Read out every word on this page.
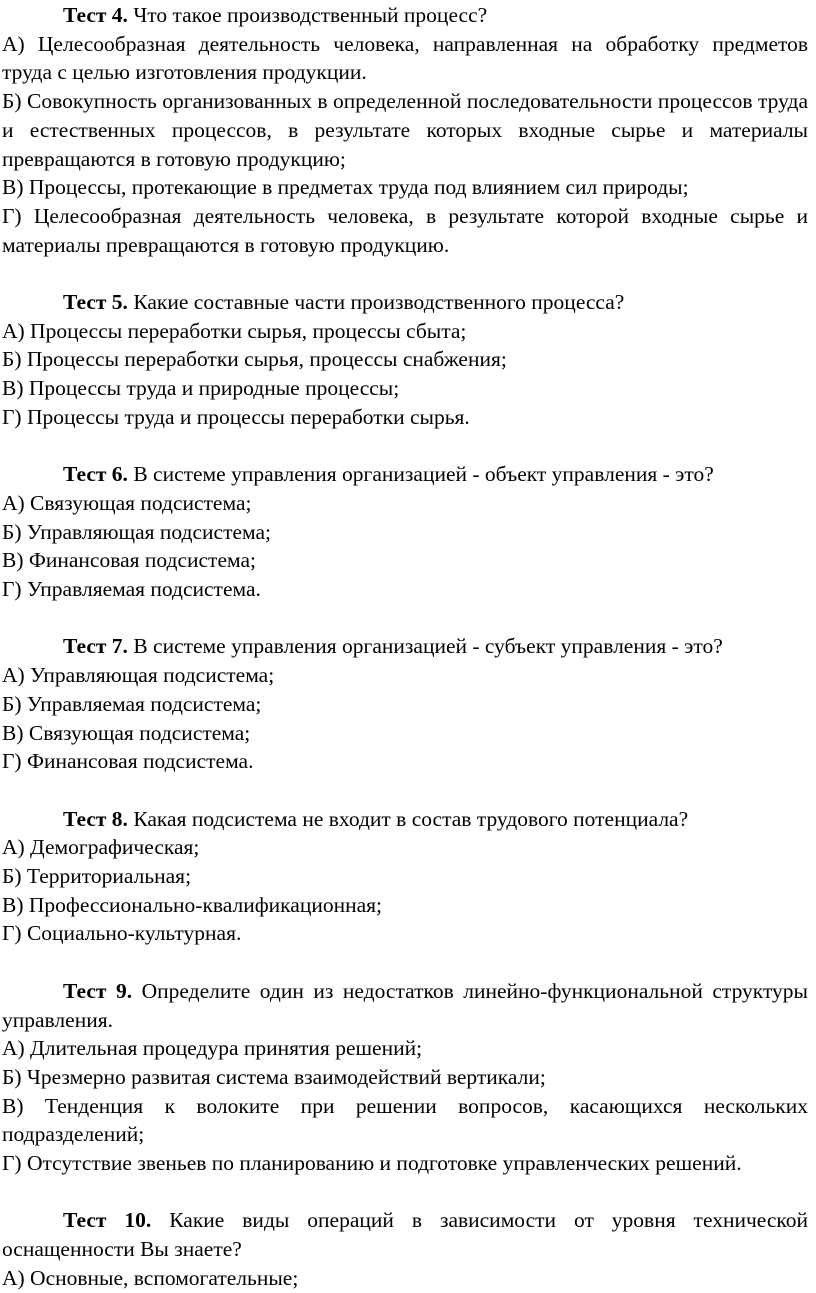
Тест 4. Что такое производственный процесс?

А) Целесообразная деятельность человека, направленная на обработку предметов труда с целью изготовления продукции.

Б) Совокупность организованных в определенной последовательности процессов труда и естественных процессов, в результате которых входные сырье и материалы превращаются в готовую продукцию;

В) Процессы, протекающие в предметах труда под влиянием сил природы;

Г) Целесообразная деятельность человека, в результате которой входные сырье и материалы превращаются в готовую продукцию.

Тест 5. Какие составные части производственного процесса?

А) Процессы переработки сырья, процессы сбыта;

Б) Процессы переработки сырья, процессы снабжения;

В) Процессы труда и природные процессы;

Г) Процессы труда и процессы переработки сырья.

Тест 6. В системе управления организацией - объект управления - это?

А) Связующая подсистема;

Б) Управляющая подсистема;

В) Финансовая подсистема;

Г) Управляемая подсистема.

Тест 7. В системе управления организацией - субъект управления - это?

А) Управляющая подсистема;

Б) Управляемая подсистема;

В) Связующая подсистема;

Г) Финансовая подсистема.

Тест 8. Какая подсистема не входит в состав трудового потенциала?

А) Демографическая;

Б) Территориальная;

В) Профессионально-квалификационная;

Г) Социально-культурная.

Тест 9. Определите один из недостатков линейно-функциональной структуры управления.

А) Длительная процедура принятия решений;

Б) Чрезмерно развитая система взаимодействий вертикали;

В) Тенденция к волоките при решении вопросов, касающихся нескольких подразделений;

Г) Отсутствие звеньев по планированию и подготовке управленческих решений.

Тест 10. Какие виды операций в зависимости от уровня технической оснащенности Вы знаете?

А) Основные, вспомогательные;
